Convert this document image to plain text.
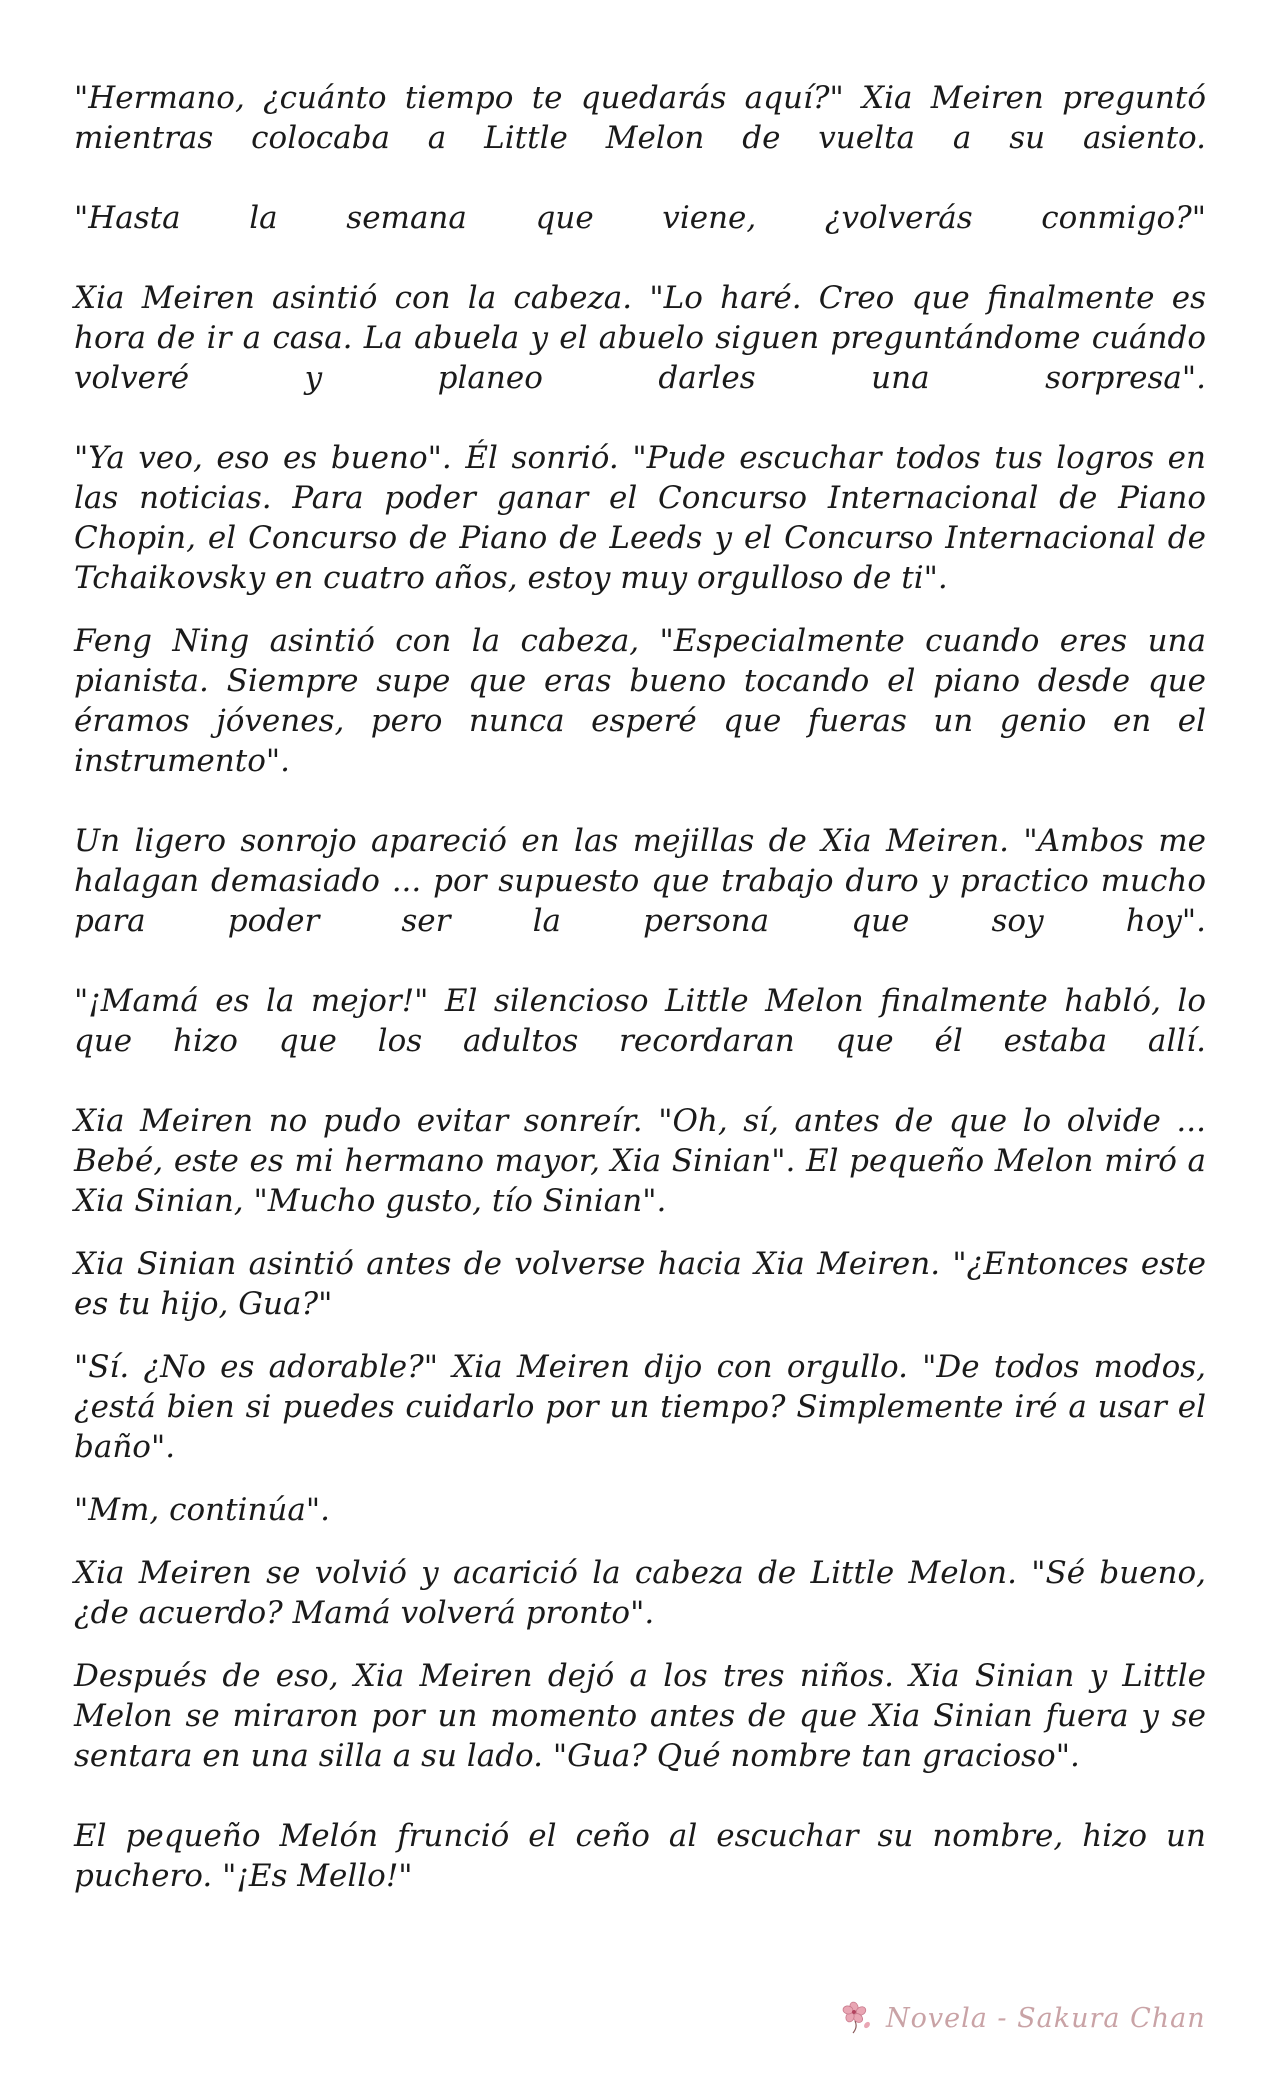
"Hermano, ¿cuánto tiempo te quedarás aquí?" Xia Meiren preguntó mientras colocaba a Little Melon de vuelta a su asiento.

"Hasta la semana que viene, ¿volverás conmigo?"

Xia Meiren asintió con la cabeza. "Lo haré. Creo que finalmente es hora de ir a casa. La abuela y el abuelo siguen preguntándome cuándo volveré y planeo darles una sorpresa".

"Ya veo, eso es bueno". Él sonrió. "Pude escuchar todos tus logros en las noticias. Para poder ganar el Concurso Internacional de Piano Chopin, el Concurso de Piano de Leeds y el Concurso Internacional de Tchaikovsky en cuatro años, estoy muy orgulloso de ti".

Feng Ning asintió con la cabeza, "Especialmente cuando eres una pianista. Siempre supe que eras bueno tocando el piano desde que éramos jóvenes, pero nunca esperé que fueras un genio en el instrumento".

Un ligero sonrojo apareció en las mejillas de Xia Meiren. "Ambos me halagan demasiado ... por supuesto que trabajo duro y practico mucho para poder ser la persona que soy hoy".

"¡Mamá es la mejor!" El silencioso Little Melon finalmente habló, lo que hizo que los adultos recordaran que él estaba allí.

Xia Meiren no pudo evitar sonreír. "Oh, sí, antes de que lo olvide ... Bebé, este es mi hermano mayor, Xia Sinian". El pequeño Melon miró a Xia Sinian, "Mucho gusto, tío Sinian".

Xia Sinian asintió antes de volverse hacia Xia Meiren. "¿Entonces este es tu hijo, Gua?"

"Sí. ¿No es adorable?" Xia Meiren dijo con orgullo. "De todos modos, ¿está bien si puedes cuidarlo por un tiempo? Simplemente iré a usar el baño".

"Mm, continúa".

Xia Meiren se volvió y acarició la cabeza de Little Melon. "Sé bueno, ¿de acuerdo? Mamá volverá pronto".

Después de eso, Xia Meiren dejó a los tres niños. Xia Sinian y Little Melon se miraron por un momento antes de que Xia Sinian fuera y se sentara en una silla a su lado. "Gua? Qué nombre tan gracioso".

El pequeño Melón frunció el ceño al escuchar su nombre, hizo un puchero. "¡Es Mello!"

Novela - Sakura Chan
